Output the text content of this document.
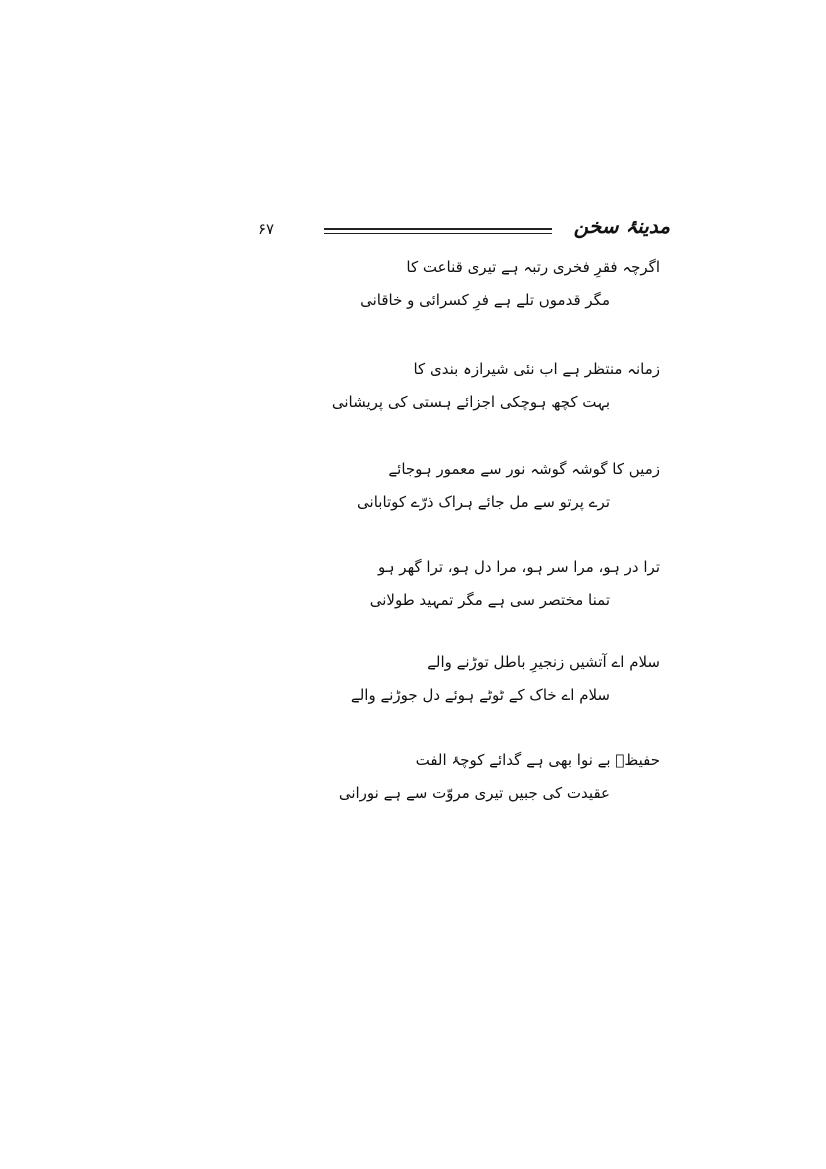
۶۷	مدینۂ سخن
اگرچہ فقرِ فخری رتبہ ہے تیری قناعت کا
مگر قدموں تلے ہے فرِ کسرائی و خاقانی
زمانہ منتظر ہے اب نئی شیرازہ بندی کا
بہت کچھ ہوچکی اجزائے ہستی کی پریشانی
زمیں کا گوشہ گوشہ نور سے معمور ہوجائے
ترے پرتو سے مل جائے ہراک ذرّے کوتابانی
ترا در ہو، مرا سر ہو، مرا دل ہو، ترا گھر ہو
تمنا مختصر سی ہے مگر تمہید طولانی
سلام اے آتشیں زنجیرِ باطل توڑنے والے
سلام اے خاک کے ٹوٹے ہوئے دل جوڑنے والے
حفیظؔ بے نوا بھی ہے گدائے کوچۂ الفت
عقیدت کی جبیں تیری مروّت سے ہے نورانی
